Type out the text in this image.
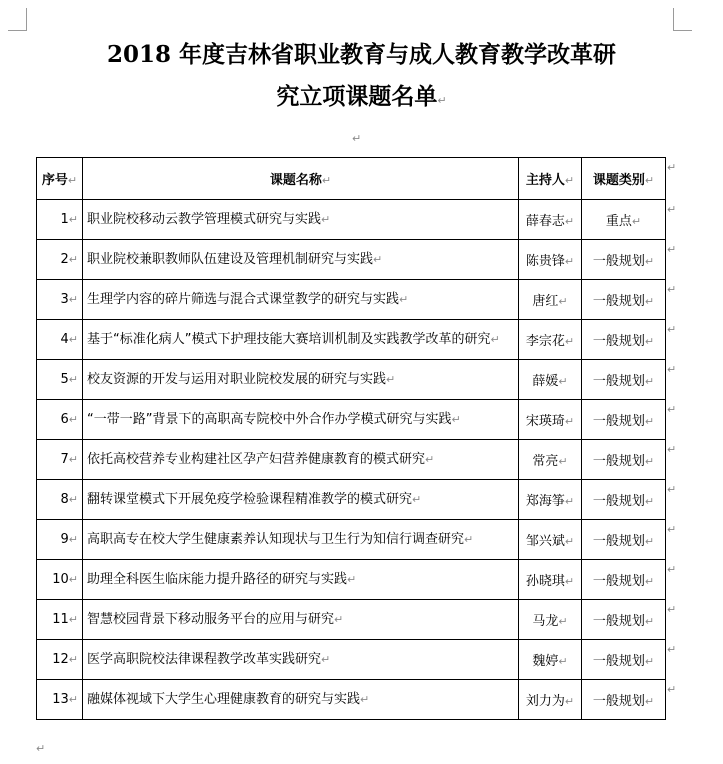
2018 年度吉林省职业教育与成人教育教学改革研
究立项课题名单↵
↵
序号↵	课题名称↵	主持人↵	课题类别↵
1↵	职业院校移动云教学管理模式研究与实践↵	薛春志↵	重点↵
2↵	职业院校兼职教师队伍建设及管理机制研究与实践↵	陈贵锋↵	一般规划↵
3↵	生理学内容的碎片筛选与混合式课堂教学的研究与实践↵	唐红↵	一般规划↵
4↵	基于“标准化病人”模式下护理技能大赛培训机制及实践教学改革的研究↵	李宗花↵	一般规划↵
5↵	校友资源的开发与运用对职业院校发展的研究与实践↵	薛媛↵	一般规划↵
6↵	“一带一路”背景下的高职高专院校中外合作办学模式研究与实践↵	宋瑛琦↵	一般规划↵
7↵	依托高校营养专业构建社区孕产妇营养健康教育的模式研究↵	常亮↵	一般规划↵
8↵	翻转课堂模式下开展免疫学检验课程精准教学的模式研究↵	郑海筝↵	一般规划↵
9↵	高职高专在校大学生健康素养认知现状与卫生行为知信行调查研究↵	邹兴斌↵	一般规划↵
10↵	助理全科医生临床能力提升路径的研究与实践↵	孙晓琪↵	一般规划↵
11↵	智慧校园背景下移动服务平台的应用与研究↵	马龙↵	一般规划↵
12↵	医学高职院校法律课程教学改革实践研究↵	魏婷↵	一般规划↵
13↵	融媒体视域下大学生心理健康教育的研究与实践↵	刘力为↵	一般规划↵
↵
↵
↵
↵
↵
↵
↵
↵
↵
↵
↵
↵
↵
↵
↵
